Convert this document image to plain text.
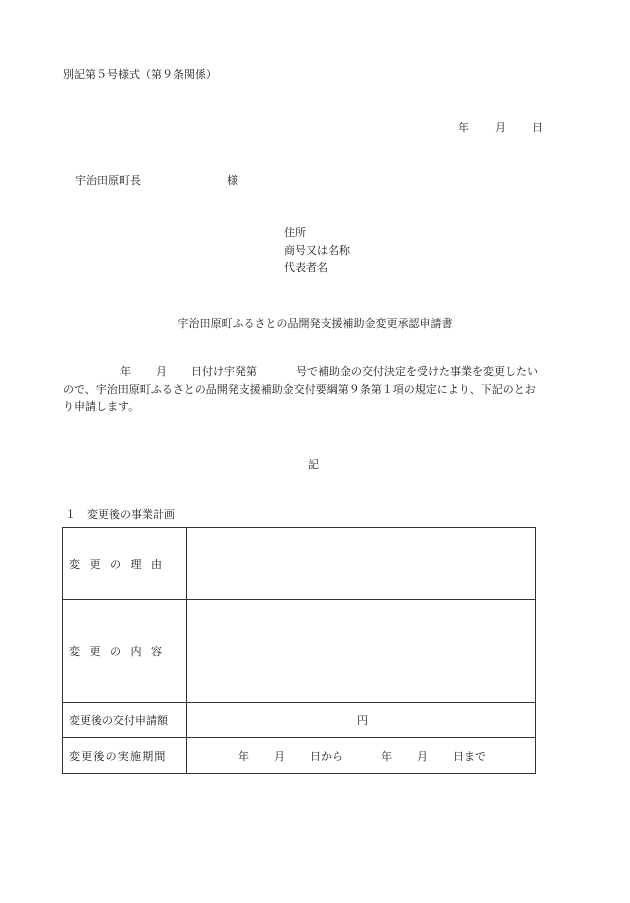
別記第５号様式（第９条関係）
年 月 日
宇治田原町長	様
住所
商号又は名称
代表者名
宇治田原町ふるさとの品開発支援補助金変更承認申請書
年 月 日付け宇発第	号で補助金の交付決定を受けた事業を変更したい
ので、宇治田原町ふるさとの品開発支援補助金交付要綱第９条第１項の規定により、下記のとお
り申請します。
記
１　変更後の事業計画
変更の理由	
変更の内容	
変更後の交付申請額	円
変更後の実施期間	年 月 日から 年 月 日まで
